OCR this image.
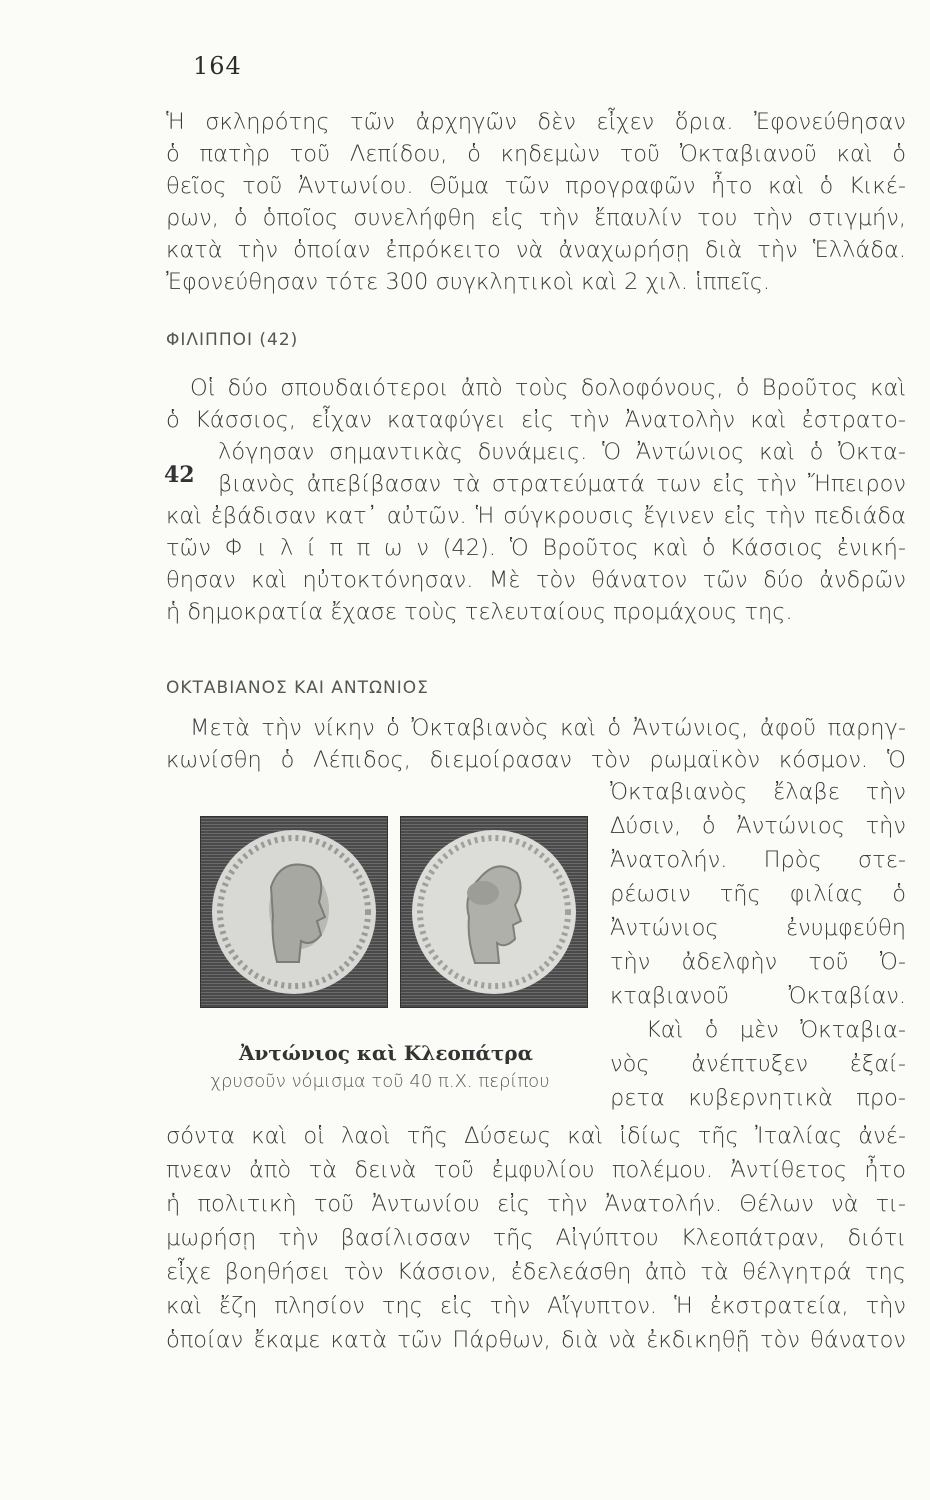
164
Ἡ σκληρότης τῶν ἀρχηγῶν δὲν εἶχεν ὅρια. Ἐφονεύθησαν
ὁ πατὴρ τοῦ Λεπίδου, ὁ κηδεμὼν τοῦ Ὀκταβιανοῦ καὶ ὁ
θεῖος τοῦ Ἀντωνίου. Θῦμα τῶν προγραφῶν ἦτο καὶ ὁ Κικέ-
ρων, ὁ ὁποῖος συνελήφθη εἰς τὴν ἔπαυλίν του τὴν στιγμήν,
κατὰ τὴν ὁποίαν ἐπρόκειτο νὰ ἀναχωρήσῃ διὰ τὴν Ἑλλάδα.
Ἐφονεύθησαν τότε 300 συγκλητικοὶ καὶ 2 χιλ. ἱππεῖς.
ΦΙΛΙΠΠΟΙ (42)
Οἱ δύο σπουδαιότεροι ἀπὸ τοὺς δολοφόνους, ὁ Βροῦτος καὶ
ὁ Κάσσιος, εἶχαν καταφύγει εἰς τὴν Ἀνατολὴν καὶ ἐστρατο-
λόγησαν σημαντικὰς δυνάμεις. Ὁ Ἀντώνιος καὶ ὁ Ὀκτα-
42 βιανὸς ἀπεβίβασαν τὰ στρατεύματά των εἰς τὴν Ἤπειρον
καὶ ἐβάδισαν κατ᾽ αὐτῶν. Ἡ σύγκρουσις ἔγινεν εἰς τὴν πεδιάδα
τῶν Φ ι λ ί π π ω ν (42). Ὁ Βροῦτος καὶ ὁ Κάσσιος ἐνική-
θησαν καὶ ηὐτοκτόνησαν. Μὲ τὸν θάνατον τῶν δύο ἀνδρῶν
ἡ δημοκρατία ἔχασε τοὺς τελευταίους προμάχους της.
ΟΚΤΑΒΙΑΝΟΣ ΚΑΙ ΑΝΤΩΝΙΟΣ
Μετὰ τὴν νίκην ὁ Ὀκταβιανὸς καὶ ὁ Ἀντώνιος, ἀφοῦ παρηγ-
κωνίσθη ὁ Λέπιδος, διεμοίρασαν τὸν ρωμαϊκὸν κόσμον. Ὁ
Ὀκταβιανὸς ἔλαβε τὴν
Δύσιν, ὁ Ἀντώνιος τὴν
Ἀνατολήν. Πρὸς στε-
ρέωσιν τῆς φιλίας ὁ
Ἀντώνιος ἐνυμφεύθη
τὴν ἀδελφὴν τοῦ Ὀ-
κταβιανοῦ Ὀκταβίαν.
Καὶ ὁ μὲν Ὀκταβια-
νὸς ἀνέπτυξεν ἐξαί-
ρετα κυβερνητικὰ προ-
Ἀντώνιος καὶ Κλεοπάτρα
χρυσοῦν νόμισμα τοῦ 40 π.Χ. περίπου
σόντα καὶ οἱ λαοὶ τῆς Δύσεως καὶ ἰδίως τῆς Ἰταλίας ἀνέ-
πνεαν ἀπὸ τὰ δεινὰ τοῦ ἐμφυλίου πολέμου. Ἀντίθετος ἦτο
ἡ πολιτικὴ τοῦ Ἀντωνίου εἰς τὴν Ἀνατολήν. Θέλων νὰ τι-
μωρήσῃ τὴν βασίλισσαν τῆς Αἰγύπτου Κλεοπάτραν, διότι
εἶχε βοηθήσει τὸν Κάσσιον, ἐδελεάσθη ἀπὸ τὰ θέλγητρά της
καὶ ἔζη πλησίον της εἰς τὴν Αἴγυπτον. Ἡ ἐκστρατεία, τὴν
ὁποίαν ἔκαμε κατὰ τῶν Πάρθων, διὰ νὰ ἐκδικηθῇ τὸν θάνατον
